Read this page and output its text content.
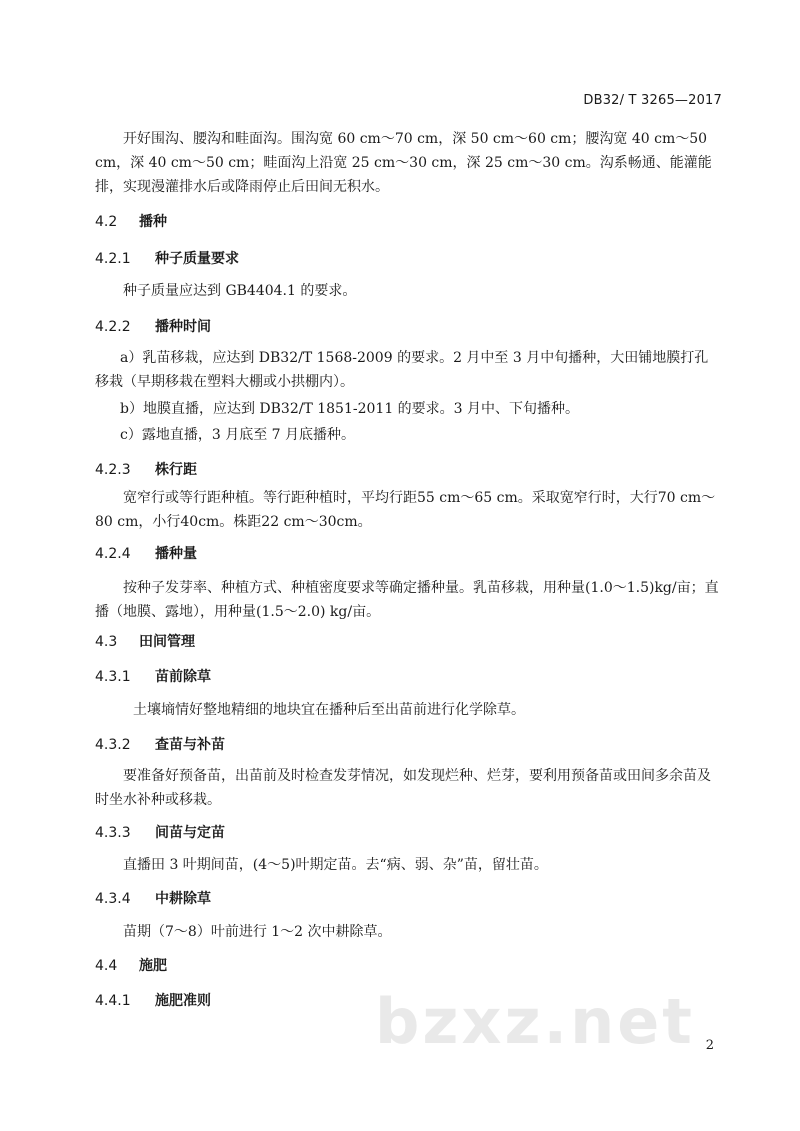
DB32/ T 3265—2017
开好围沟、腰沟和畦面沟。围沟宽 60 cm～70 cm，深 50 cm～60 cm；腰沟宽 40 cm～50 cm，深 40 cm～50 cm；畦面沟上沿宽 25 cm～30 cm，深 25 cm～30 cm。沟系畅通、能灌能排，实现漫灌排水后或降雨停止后田间无积水。
4.2 播种
4.2.1 种子质量要求
种子质量应达到 GB4404.1 的要求。
4.2.2 播种时间
a）乳苗移栽，应达到 DB32/T 1568-2009 的要求。2 月中至 3 月中旬播种，大田铺地膜打孔移栽（早期移栽在塑料大棚或小拱棚内）。
b）地膜直播，应达到 DB32/T 1851-2011 的要求。3 月中、下旬播种。
c）露地直播，3 月底至 7 月底播种。
4.2.3 株行距
宽窄行或等行距种植。等行距种植时，平均行距55 cm～65 cm。采取宽窄行时，大行70 cm～80 cm，小行40cm。株距22 cm～30cm。
4.2.4 播种量
按种子发芽率、种植方式、种植密度要求等确定播种量。乳苗移栽，用种量(1.0～1.5)kg/亩；直播（地膜、露地），用种量(1.5～2.0) kg/亩。
4.3 田间管理
4.3.1 苗前除草
土壤墒情好整地精细的地块宜在播种后至出苗前进行化学除草。
4.3.2 查苗与补苗
要准备好预备苗，出苗前及时检查发芽情况，如发现烂种、烂芽，要利用预备苗或田间多余苗及时坐水补种或移栽。
4.3.3 间苗与定苗
直播田 3 叶期间苗，(4～5)叶期定苗。去“病、弱、杂”苗，留壮苗。
4.3.4 中耕除草
苗期（7～8）叶前进行 1～2 次中耕除草。
4.4 施肥
4.4.1 施肥准则	bzxz.net 2
